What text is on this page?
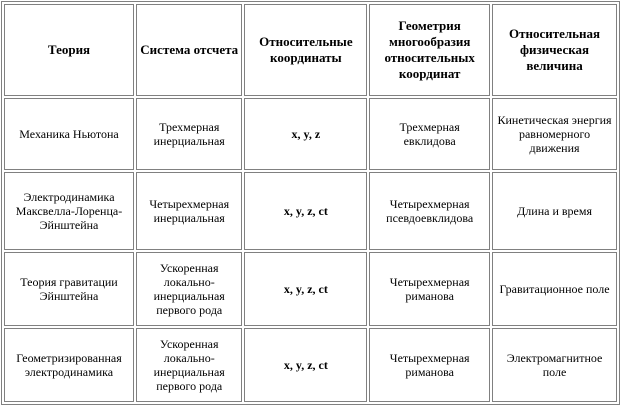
Теория	Система отсчета	Относительные координаты	Геометрия многообразия относительных координат	Относительная физическая величина
Механика Ньютона	Трехмерная инерциальная	x, y, z	Трехмерная евклидова	Кинетическая энергия равномерного движения
Электродинамика Максвелла-Лоренца-Эйнштейна	Четырехмерная инерциальная	x, y, z, ct	Четырехмерная псевдоевклидова	Длина и время
Теория гравитации Эйнштейна	Ускоренная локально-инерциальная первого рода	x, y, z, ct	Четырехмерная риманова	Гравитационное поле
Геометризированная электродинамика	Ускоренная локально-инерциальная первого рода	x, y, z, ct	Четырехмерная риманова	Электромагнитное поле
